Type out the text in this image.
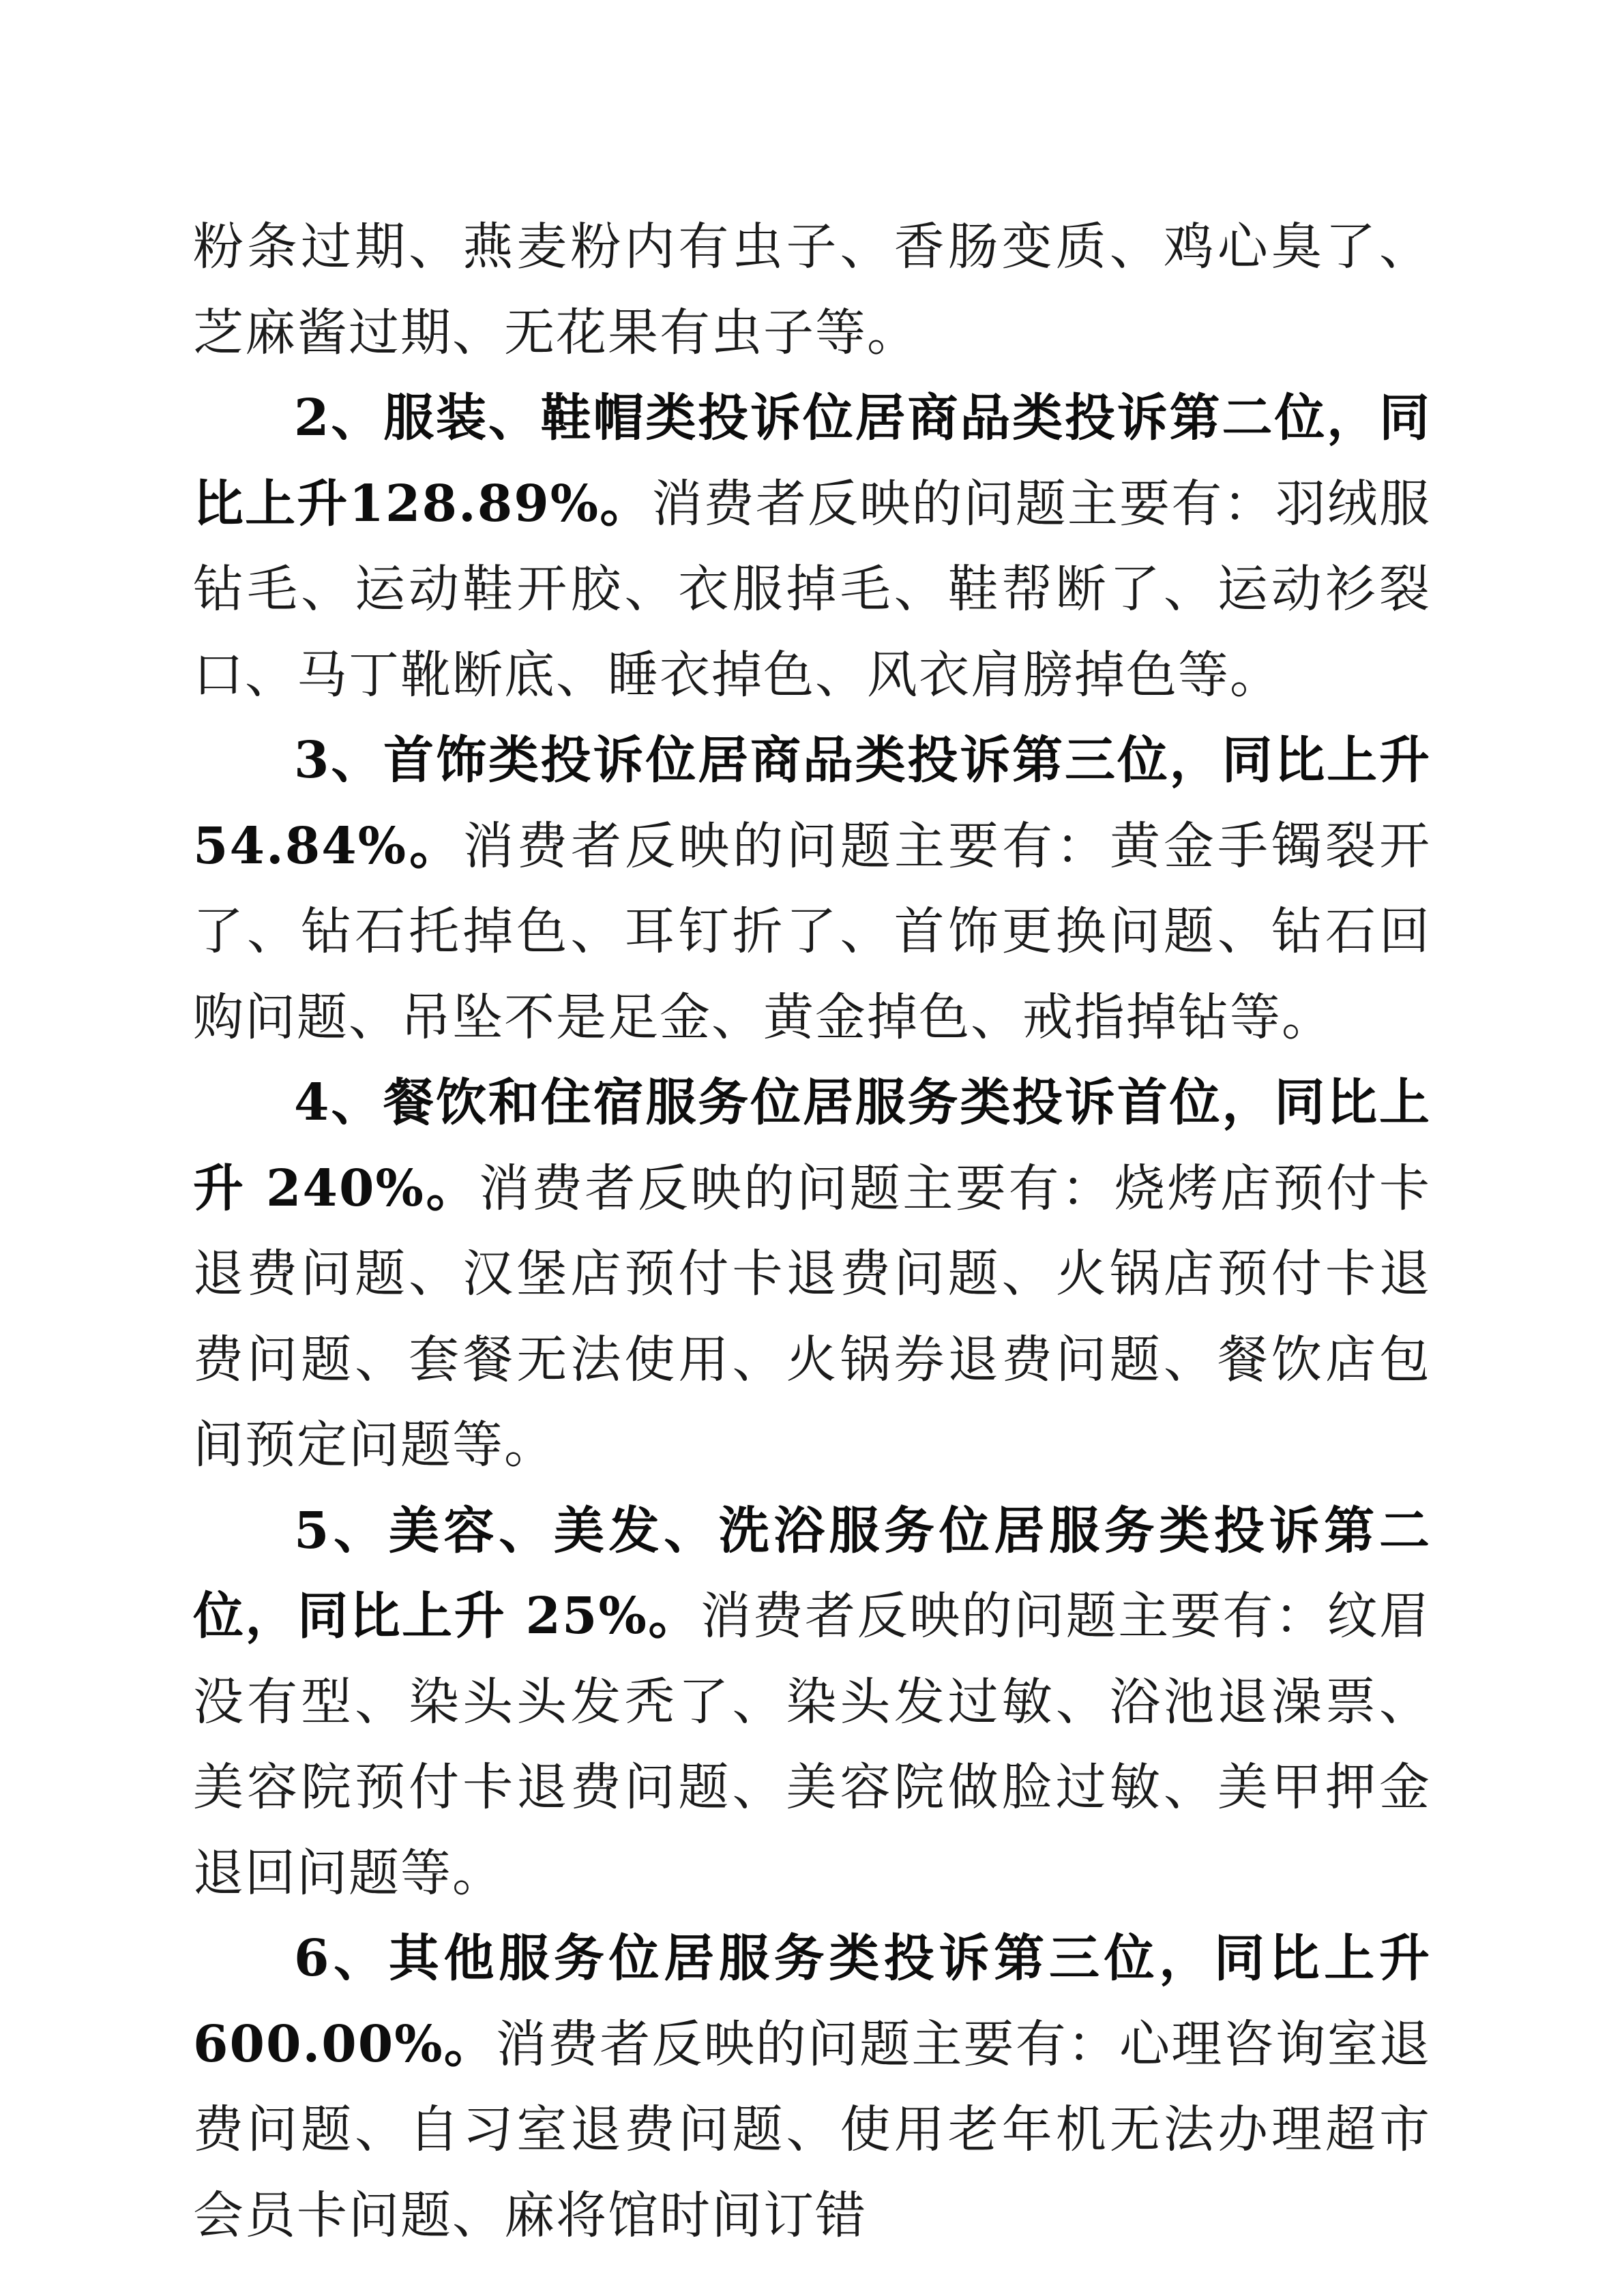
粉条过期、燕麦粉内有虫子、香肠变质、鸡心臭了、芝麻酱过期、无花果有虫子等。

2、服装、鞋帽类投诉位居商品类投诉第二位，同比上升128.89%。消费者反映的问题主要有：羽绒服钻毛、运动鞋开胶、衣服掉毛、鞋帮断了、运动衫裂口、马丁靴断底、睡衣掉色、风衣肩膀掉色等。

3、首饰类投诉位居商品类投诉第三位，同比上升 54.84%。消费者反映的问题主要有：黄金手镯裂开了、钻石托掉色、耳钉折了、首饰更换问题、钻石回购问题、吊坠不是足金、黄金掉色、戒指掉钻等。

4、餐饮和住宿服务位居服务类投诉首位，同比上升 240%。消费者反映的问题主要有：烧烤店预付卡退费问题、汉堡店预付卡退费问题、火锅店预付卡退费问题、套餐无法使用、火锅券退费问题、餐饮店包间预定问题等。

5、美容、美发、洗浴服务位居服务类投诉第二位，同比上升 25%。消费者反映的问题主要有：纹眉没有型、染头头发秃了、染头发过敏、浴池退澡票、美容院预付卡退费问题、美容院做脸过敏、美甲押金退回问题等。

6、其他服务位居服务类投诉第三位，同比上升 600.00%。消费者反映的问题主要有：心理咨询室退费问题、自习室退费问题、使用老年机无法办理超市会员卡问题、麻将馆时间订错
